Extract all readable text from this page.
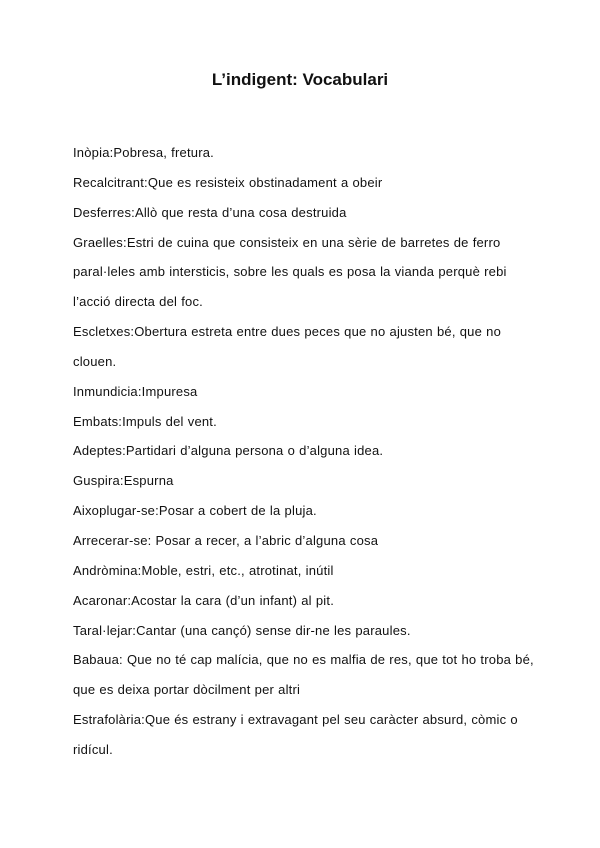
L’indigent: Vocabulari
Inòpia:Pobresa, fretura.
Recalcitrant:Que es resisteix obstinadament a obeir
Desferres:Allò que resta d’una cosa destruida
Graelles:Estri de cuina que consisteix en una sèrie de barretes de ferro
paral·leles amb intersticis, sobre les quals es posa la vianda perquè rebi
l’acció directa del foc.
Escletxes:Obertura estreta entre dues peces que no ajusten bé, que no
clouen.
Inmundicia:Impuresa
Embats:Impuls del vent.
Adeptes:Partidari d’alguna persona o d’alguna idea.
Guspira:Espurna
Aixoplugar-se:Posar a cobert de la pluja.
Arrecerar-se: Posar a recer, a l’abric d’alguna cosa
Andròmina:Moble, estri, etc., atrotinat, inútil
Acaronar:Acostar la cara (d’un infant) al pit.
Taral·lejar:Cantar (una cançó) sense dir-ne les paraules.
Babaua: Que no té cap malícia, que no es malfia de res, que tot ho troba bé,
que es deixa portar dòcilment per altri
Estrafolària:Que és estrany i extravagant pel seu caràcter absurd, còmic o
ridícul.
